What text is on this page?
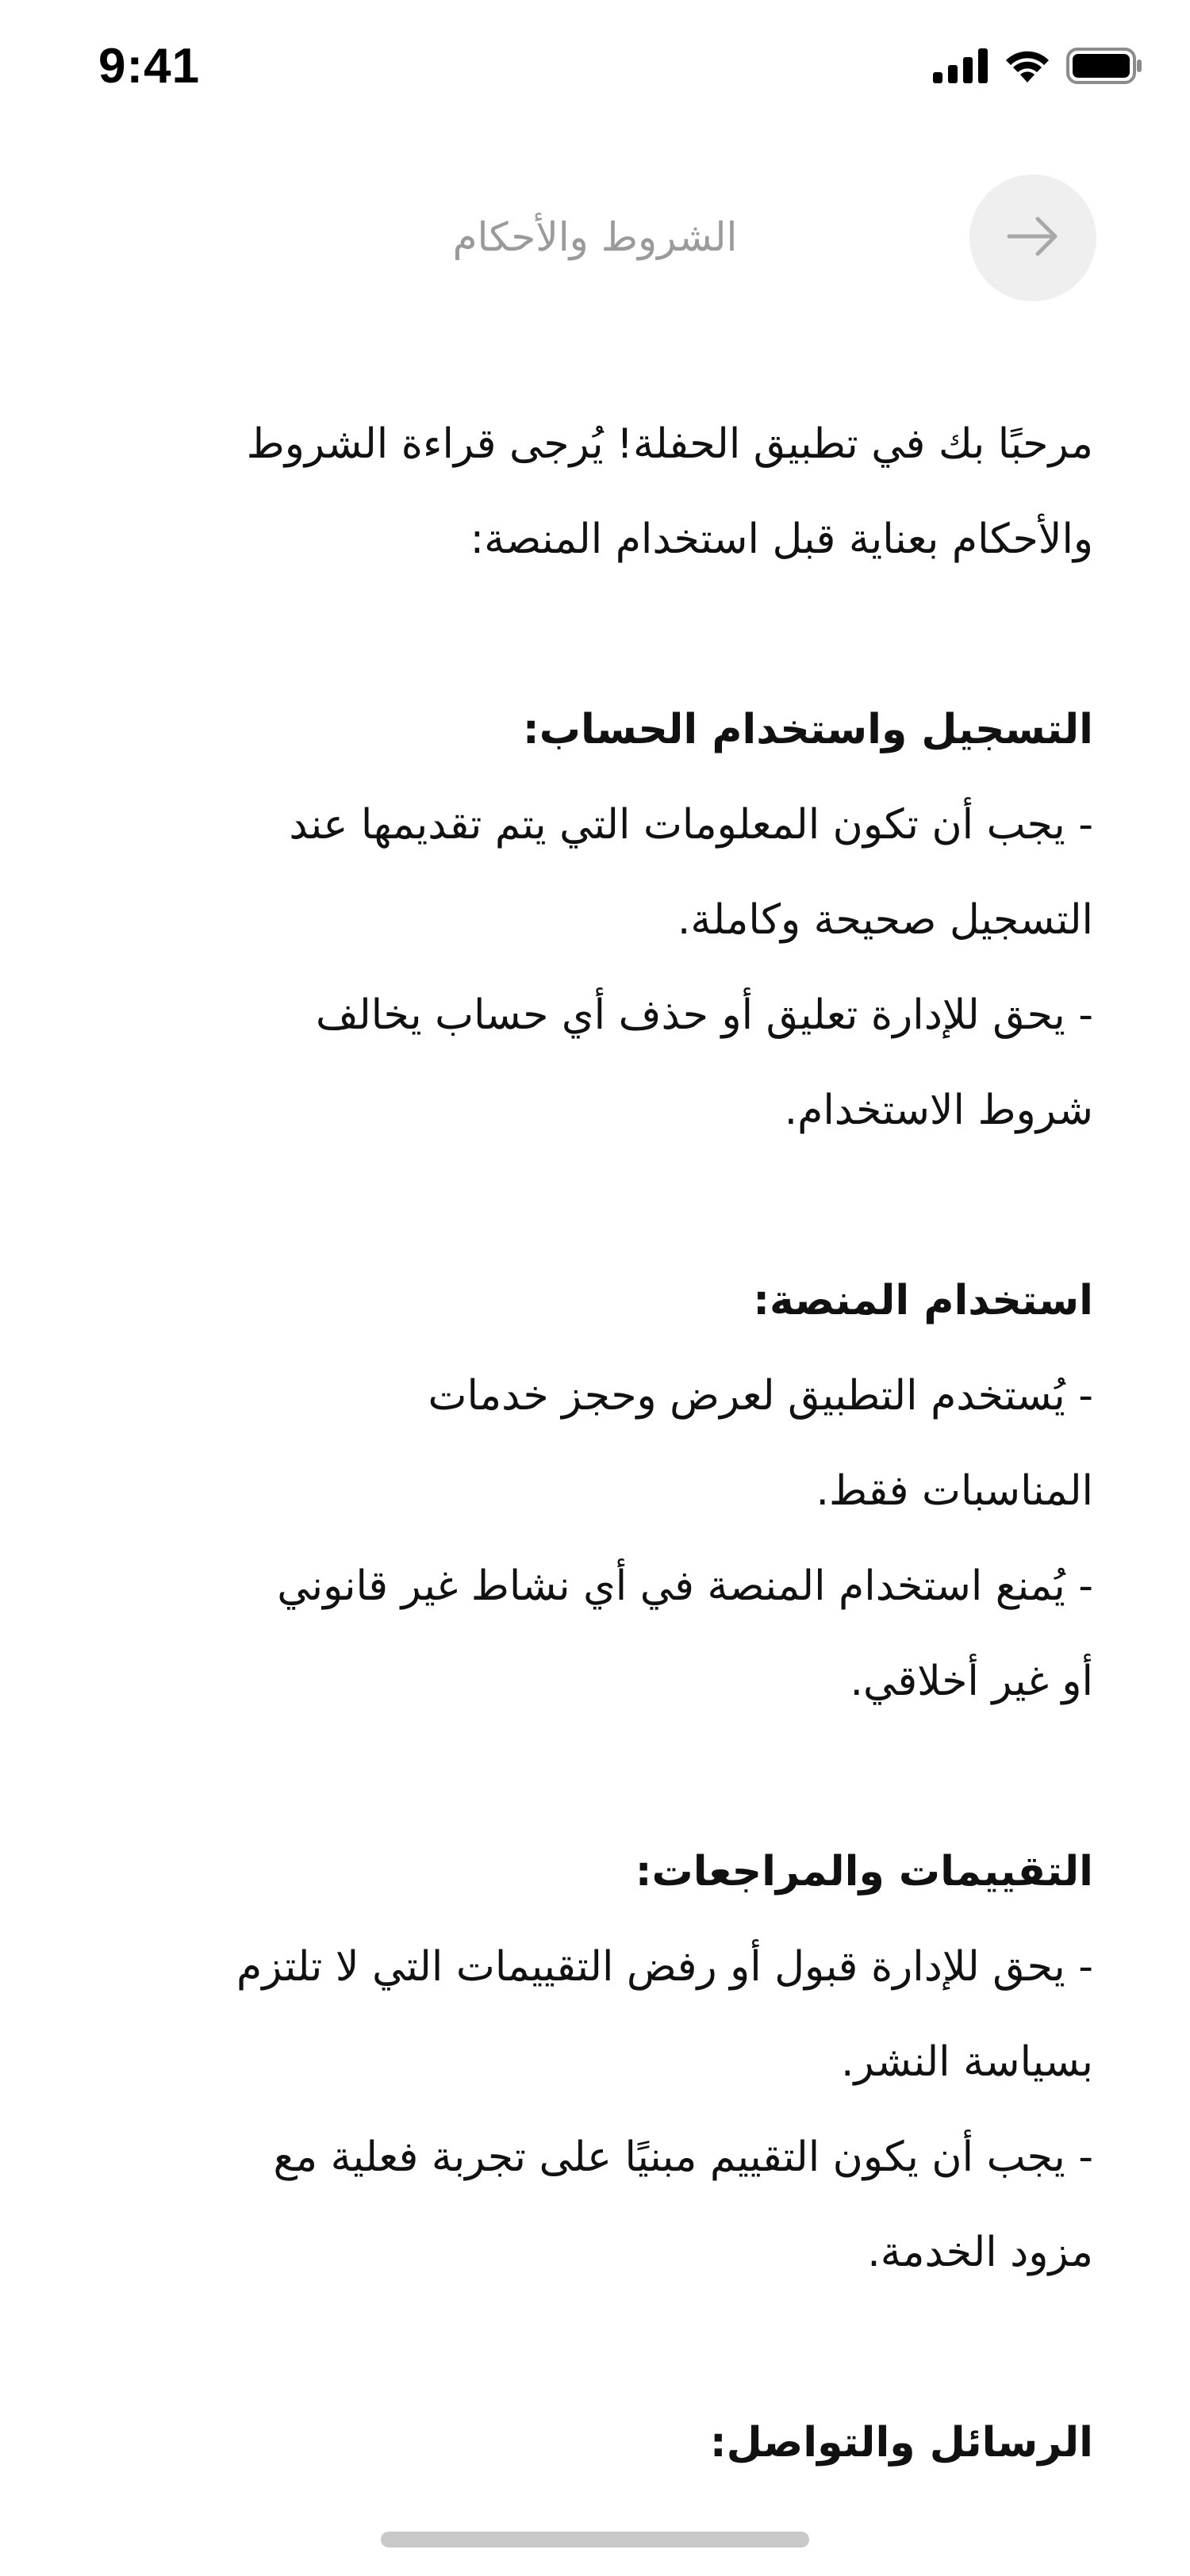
9:41
الشروط والأحكام

مرحبًا بك في تطبيق الحفلة! يُرجى قراءة الشروط

والأحكام بعناية قبل استخدام المنصة:

التسجيل واستخدام الحساب:

- يجب أن تكون المعلومات التي يتم تقديمها عند

التسجيل صحيحة وكاملة.

- يحق للإدارة تعليق أو حذف أي حساب يخالف

شروط الاستخدام.

استخدام المنصة:

- يُستخدم التطبيق لعرض وحجز خدمات

المناسبات فقط.

- يُمنع استخدام المنصة في أي نشاط غير قانوني

أو غير أخلاقي.

التقييمات والمراجعات:

- يحق للإدارة قبول أو رفض التقييمات التي لا تلتزم

بسياسة النشر.

- يجب أن يكون التقييم مبنيًا على تجربة فعلية مع

مزود الخدمة.

الرسائل والتواصل:
